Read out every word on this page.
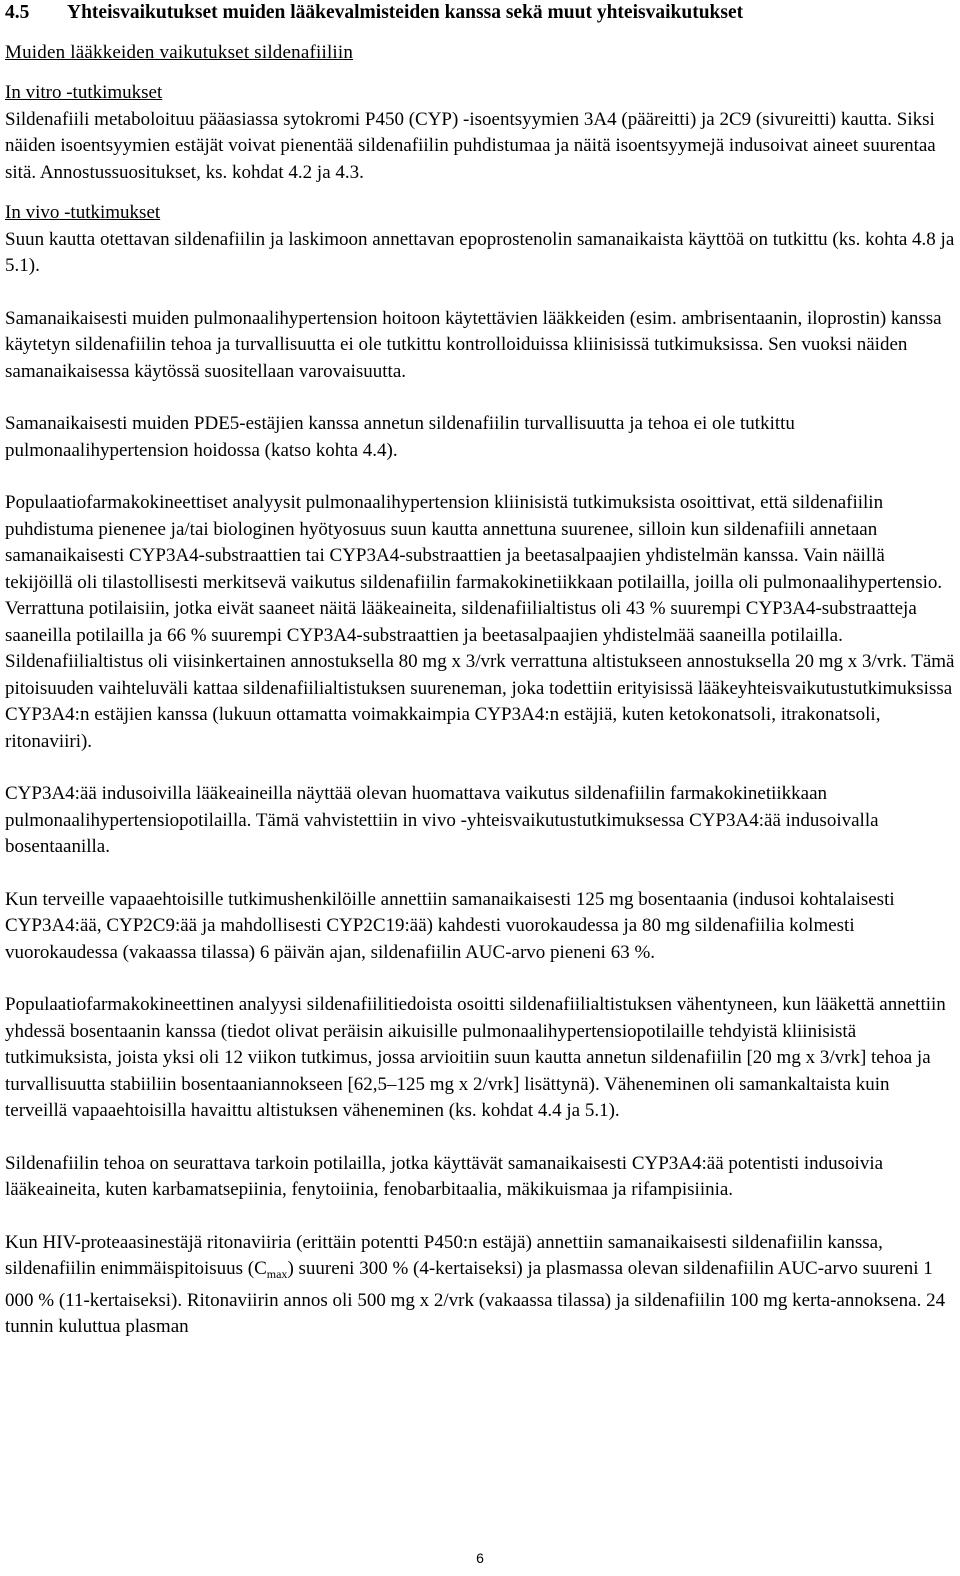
4.5	Yhteisvaikutukset muiden lääkevalmisteiden kanssa sekä muut yhteisvaikutukset
Muiden lääkkeiden vaikutukset sildenafiiliin
In vitro -tutkimukset

Sildenafiili metaboloituu pääasiassa sytokromi P450 (CYP) -isoentsyymien 3A4 (pääreitti) ja 2C9 (sivureitti) kautta. Siksi näiden isoentsyymien estäjät voivat pienentää sildenafiilin puhdistumaa ja näitä isoentsyymejä indusoivat aineet suurentaa sitä. Annostussuositukset, ks. kohdat 4.2 ja 4.3.

In vivo -tutkimukset

Suun kautta otettavan sildenafiilin ja laskimoon annettavan epoprostenolin samanaikaista käyttöä on tutkittu (ks. kohta 4.8 ja 5.1).

Samanaikaisesti muiden pulmonaalihypertension hoitoon käytettävien lääkkeiden (esim. ambrisentaanin, iloprostin) kanssa käytetyn sildenafiilin tehoa ja turvallisuutta ei ole tutkittu kontrolloiduissa kliinisissä tutkimuksissa. Sen vuoksi näiden samanaikaisessa käytössä suositellaan varovaisuutta.

Samanaikaisesti muiden PDE5-estäjien kanssa annetun sildenafiilin turvallisuutta ja tehoa ei ole tutkittu pulmonaalihypertension hoidossa (katso kohta 4.4).

Populaatiofarmakokineettiset analyysit pulmonaalihypertension kliinisistä tutkimuksista osoittivat, että sildenafiilin puhdistuma pienenee ja/tai biologinen hyötyosuus suun kautta annettuna suurenee, silloin kun sildenafiili annetaan samanaikaisesti CYP3A4-substraattien tai CYP3A4-substraattien ja beetasalpaajien yhdistelmän kanssa. Vain näillä tekijöillä oli tilastollisesti merkitsevä vaikutus sildenafiilin farmakokinetiikkaan potilailla, joilla oli pulmonaalihypertensio. Verrattuna potilaisiin, jotka eivät saaneet näitä lääkeaineita, sildenafiilialtistus oli 43 % suurempi CYP3A4-substraatteja saaneilla potilailla ja 66 % suurempi CYP3A4-substraattien ja beetasalpaajien yhdistelmää saaneilla potilailla. Sildenafiilialtistus oli viisinkertainen annostuksella 80 mg x 3/vrk verrattuna altistukseen annostuksella 20 mg x 3/vrk. Tämä pitoisuuden vaihteluväli kattaa sildenafiilialtistuksen suureneman, joka todettiin erityisissä lääkeyhteisvaikutustutkimuksissa CYP3A4:n estäjien kanssa (lukuun ottamatta voimakkaimpia CYP3A4:n estäjiä, kuten ketokonatsoli, itrakonatsoli, ritonaviiri).

CYP3A4:ää indusoivilla lääkeaineilla näyttää olevan huomattava vaikutus sildenafiilin farmakokinetiikkaan pulmonaalihypertensiopotilailla. Tämä vahvistettiin in vivo -yhteisvaikutustutkimuksessa CYP3A4:ää indusoivalla bosentaanilla.

Kun terveille vapaaehtoisille tutkimushenkilöille annettiin samanaikaisesti 125 mg bosentaania (indusoi kohtalaisesti CYP3A4:ää, CYP2C9:ää ja mahdollisesti CYP2C19:ää) kahdesti vuorokaudessa ja 80 mg sildenafiilia kolmesti vuorokaudessa (vakaassa tilassa) 6 päivän ajan, sildenafiilin AUC-arvo pieneni 63 %.

Populaatiofarmakokineettinen analyysi sildenafiilitiedoista osoitti sildenafiilialtistuksen vähentyneen, kun lääkettä annettiin yhdessä bosentaanin kanssa (tiedot olivat peräisin aikuisille pulmonaalihypertensiopotilaille tehdyistä kliinisistä tutkimuksista, joista yksi oli 12 viikon tutkimus, jossa arvioitiin suun kautta annetun sildenafiilin [20 mg x 3/vrk] tehoa ja turvallisuutta stabiiliin bosentaaniannokseen [62,5–125 mg x 2/vrk] lisättynä). Väheneminen oli samankaltaista kuin terveillä vapaaehtoisilla havaittu altistuksen väheneminen (ks. kohdat 4.4 ja 5.1).

Sildenafiilin tehoa on seurattava tarkoin potilailla, jotka käyttävät samanaikaisesti CYP3A4:ää potentisti indusoivia lääkeaineita, kuten karbamatsepiinia, fenytoiinia, fenobarbitaalia, mäkikuismaa ja rifampisiinia.

Kun HIV-proteaasinestäjä ritonaviiria (erittäin potentti P450:n estäjä) annettiin samanaikaisesti sildenafiilin kanssa, sildenafiilin enimmäispitoisuus $(C_{max})$ suureni 300 % (4-kertaiseksi) ja plasmassa olevan sildenafiilin AUC-arvo suureni 1 000 % (11-kertaiseksi). Ritonaviirin annos oli 500 mg x 2/vrk (vakaassa tilassa) ja sildenafiilin 100 mg kerta-annoksena. 24 tunnin kuluttua plasman

6
